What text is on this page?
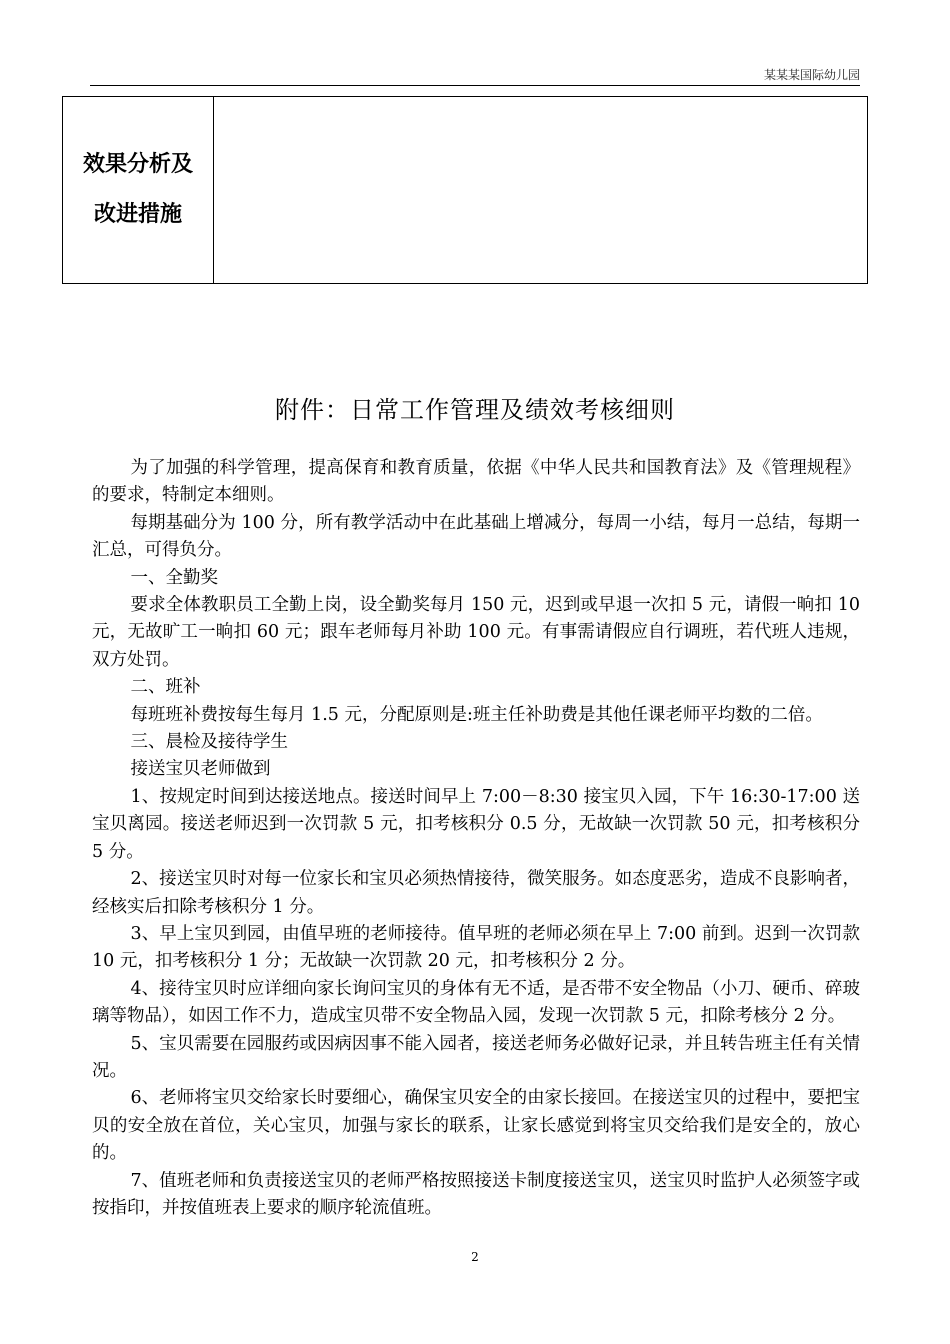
某某某国际幼儿园
效果分析及
改进措施

附件：日常工作管理及绩效考核细则

为了加强的科学管理，提高保育和教育质量，依据《中华人民共和国教育法》及《管理规程》的要求，特制定本细则。

每期基础分为 100 分，所有教学活动中在此基础上增减分，每周一小结，每月一总结，每期一汇总，可得负分。

一、全勤奖

要求全体教职员工全勤上岗，设全勤奖每月 150 元，迟到或早退一次扣 5 元，请假一晌扣 10 元，无故旷工一晌扣 60 元；跟车老师每月补助 100 元。有事需请假应自行调班，若代班人违规，双方处罚。

二、班补

每班班补费按每生每月 1.5 元，分配原则是:班主任补助费是其他任课老师平均数的二倍。

三、晨检及接待学生

接送宝贝老师做到

1、按规定时间到达接送地点。接送时间早上 7:00－8:30 接宝贝入园，下午 16:30-17:00 送宝贝离园。接送老师迟到一次罚款 5 元，扣考核积分 0.5 分，无故缺一次罚款 50 元，扣考核积分 5 分。

2、接送宝贝时对每一位家长和宝贝必须热情接待，微笑服务。如态度恶劣，造成不良影响者，经核实后扣除考核积分 1 分。

3、早上宝贝到园，由值早班的老师接待。值早班的老师必须在早上 7:00 前到。迟到一次罚款 10 元，扣考核积分 1 分；无故缺一次罚款 20 元，扣考核积分 2 分。

4、接待宝贝时应详细向家长询问宝贝的身体有无不适，是否带不安全物品（小刀、硬币、碎玻璃等物品），如因工作不力，造成宝贝带不安全物品入园，发现一次罚款 5 元，扣除考核分 2 分。

5、宝贝需要在园服药或因病因事不能入园者，接送老师务必做好记录，并且转告班主任有关情况。

6、老师将宝贝交给家长时要细心，确保宝贝安全的由家长接回。在接送宝贝的过程中，要把宝贝的安全放在首位，关心宝贝，加强与家长的联系，让家长感觉到将宝贝交给我们是安全的，放心的。

7、值班老师和负责接送宝贝的老师严格按照接送卡制度接送宝贝，送宝贝时监护人必须签字或按指印，并按值班表上要求的顺序轮流值班。

2
